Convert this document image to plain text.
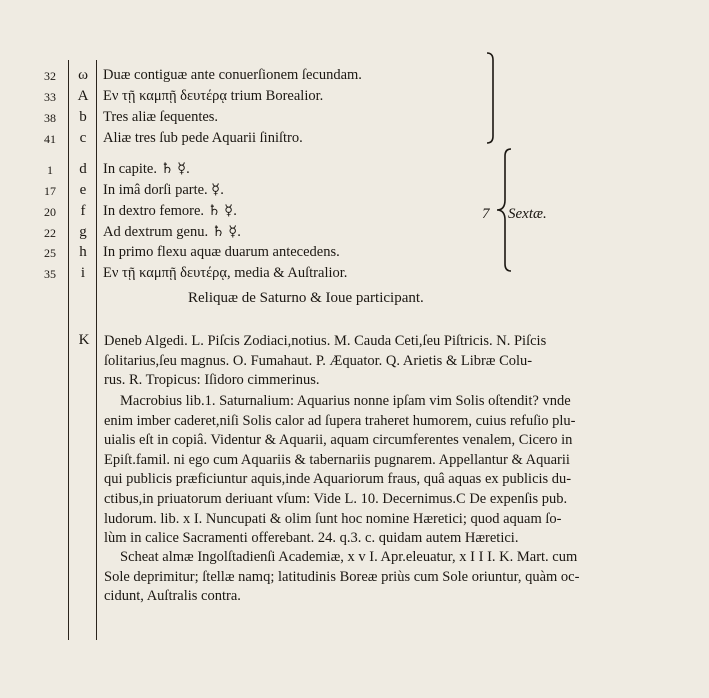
32	ω	Duæ contiguæ ante conuerſionem ſecundam.
33	A	Εν τῇ καμπῇ δευτέρᾳ trium Borealior.
38	b	Tres aliæ ſequentes.
41	c	Aliæ tres ſub pede Aquarii ſiniſtro.
1	d	In capite. ♄ ☿.
17	e	In imâ dorſi parte. ☿.
20	f	In dextro femore. ♄ ☿.
22	g	Ad dextrum genu. ♄ ☿.
25	h	In primo flexu aquæ duarum antecedens.
35	i	Εν τῇ καμπῇ δευτέρᾳ, media & Auſtralior.
7 Sextæ.
Reliquæ de Saturno & Ioue participant.
K	Deneb Algedi. L. Piſcis Zodiaci,notius. M. Cauda Ceti,ſeu Piſtricis. N. Piſcis
ſolitarius,ſeu magnus. O. Fumahaut. P. Æquator. Q. Arietis & Libræ Colu-
rus. R. Tropicus: Iſidoro cimmerinus.
Macrobius lib.1. Saturnalium: Aquarius nonne ipſam vim Solis oſtendit? vnde
enim imber caderet,niſi Solis calor ad ſupera traheret humorem, cuius refuſio plu-
uialis eſt in copiâ. Videntur & Aquarii, aquam circumferentes venalem, Cicero in
Epiſt.famil. ni ego cum Aquariis & tabernariis pugnarem. Appellantur & Aquarii
qui publicis præficiuntur aquis,inde Aquariorum fraus, quâ aquas ex publicis du-
ctibus,in priuatorum deriuant vſum: Vide L. 10. Decernimus.C De expenſis pub.
ludorum. lib. x I. Nuncupati & olim ſunt hoc nomine Hæretici; quod aquam ſo-
lùm in calice Sacramenti offerebant. 24. q.3. c. quidam autem Hæretici.
Scheat almæ Ingolſtadienſi Academiæ, x v I. Apr.eleuatur, x I I I. K. Mart. cum
Sole deprimitur; ſtellæ namq; latitudinis Boreæ priùs cum Sole oriuntur, quàm oc-
cidunt, Auſtralis contra.
